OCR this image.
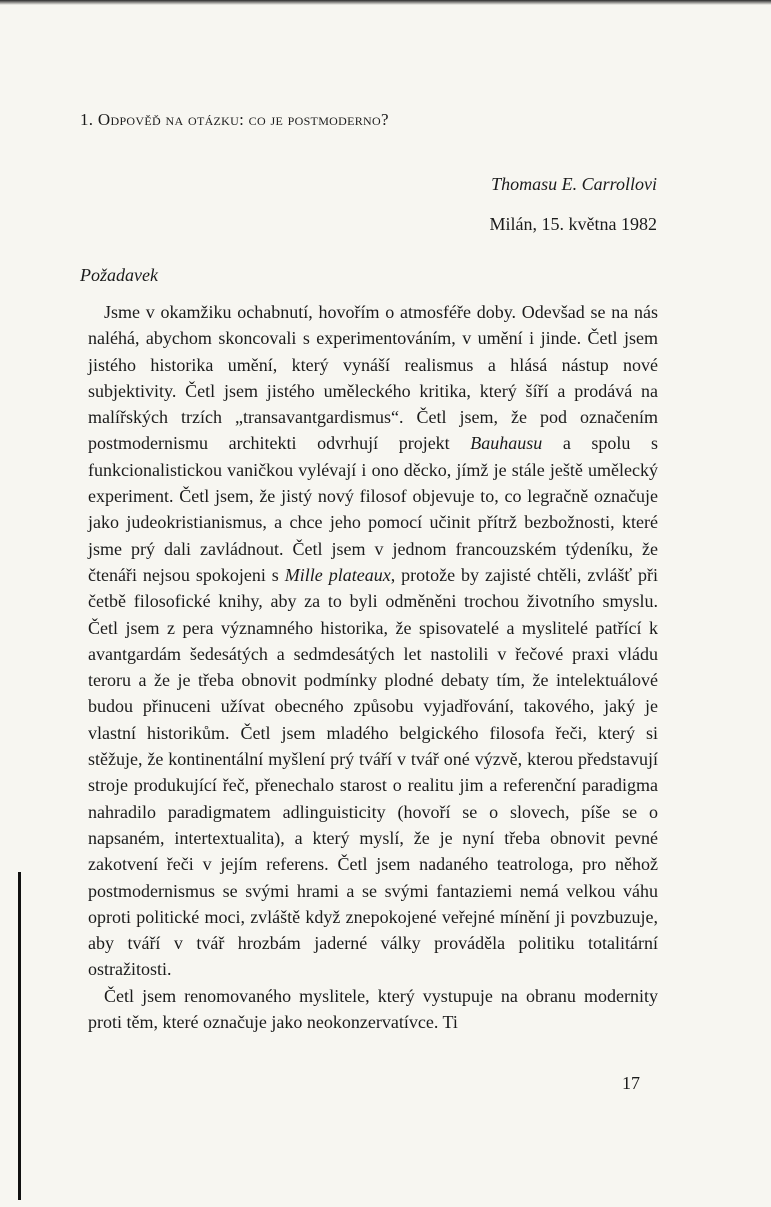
1. Odpověď na otázku: co je postmoderno?

Thomasu E. Carrollovi

Milán, 15. května 1982

Požadavek

Jsme v okamžiku ochabnutí, hovořím o atmosféře doby. Odevšad se na nás naléhá, abychom skoncovali s experimentováním, v umění i jinde. Četl jsem jistého historika umění, který vynáší realismus a hlásá nástup nové subjektivity. Četl jsem jistého uměleckého kritika, který šíří a prodává na malířských trzích „transavantgardismus“. Četl jsem, že pod označením postmodernismu architekti odvrhují projekt Bauhausu a spolu s funkcionalistickou vaničkou vylévají i ono děcko, jímž je stále ještě umělecký experiment. Četl jsem, že jistý nový filosof objevuje to, co legračně označuje jako judeokristianismus, a chce jeho pomocí učinit přítrž bezbožnosti, které jsme prý dali zavládnout. Četl jsem v jednom francouzském týdeníku, že čtenáři nejsou spokojeni s Mille plateaux, protože by zajisté chtěli, zvlášť při četbě filosofické knihy, aby za to byli odměněni trochou životního smyslu. Četl jsem z pera významného historika, že spisovatelé a myslitelé patřící k avantgardám šedesátých a sedmdesátých let nastolili v řečové praxi vládu teroru a že je třeba obnovit podmínky plodné debaty tím, že intelektuálové budou přinuceni užívat obecného způsobu vyjadřování, takového, jaký je vlastní historikům. Četl jsem mladého belgického filosofa řeči, který si stěžuje, že kontinentální myšlení prý tváří v tvář oné výzvě, kterou představují stroje produkující řeč, přenechalo starost o realitu jim a referenční paradigma nahradilo paradigmatem adlinguisticity (hovoří se o slovech, píše se o napsaném, intertextualita), a který myslí, že je nyní třeba obnovit pevné zakotvení řeči v jejím referens. Četl jsem nadaného teatrologa, pro něhož postmodernismus se svými hrami a se svými fantaziemi nemá velkou váhu oproti politické moci, zvláště když znepokojené veřejné mínění ji povzbuzuje, aby tváří v tvář hrozbám jaderné války prováděla politiku totalitární ostražitosti.

Četl jsem renomovaného myslitele, který vystupuje na obranu modernity proti těm, které označuje jako neokonzervatívce. Ti

17
